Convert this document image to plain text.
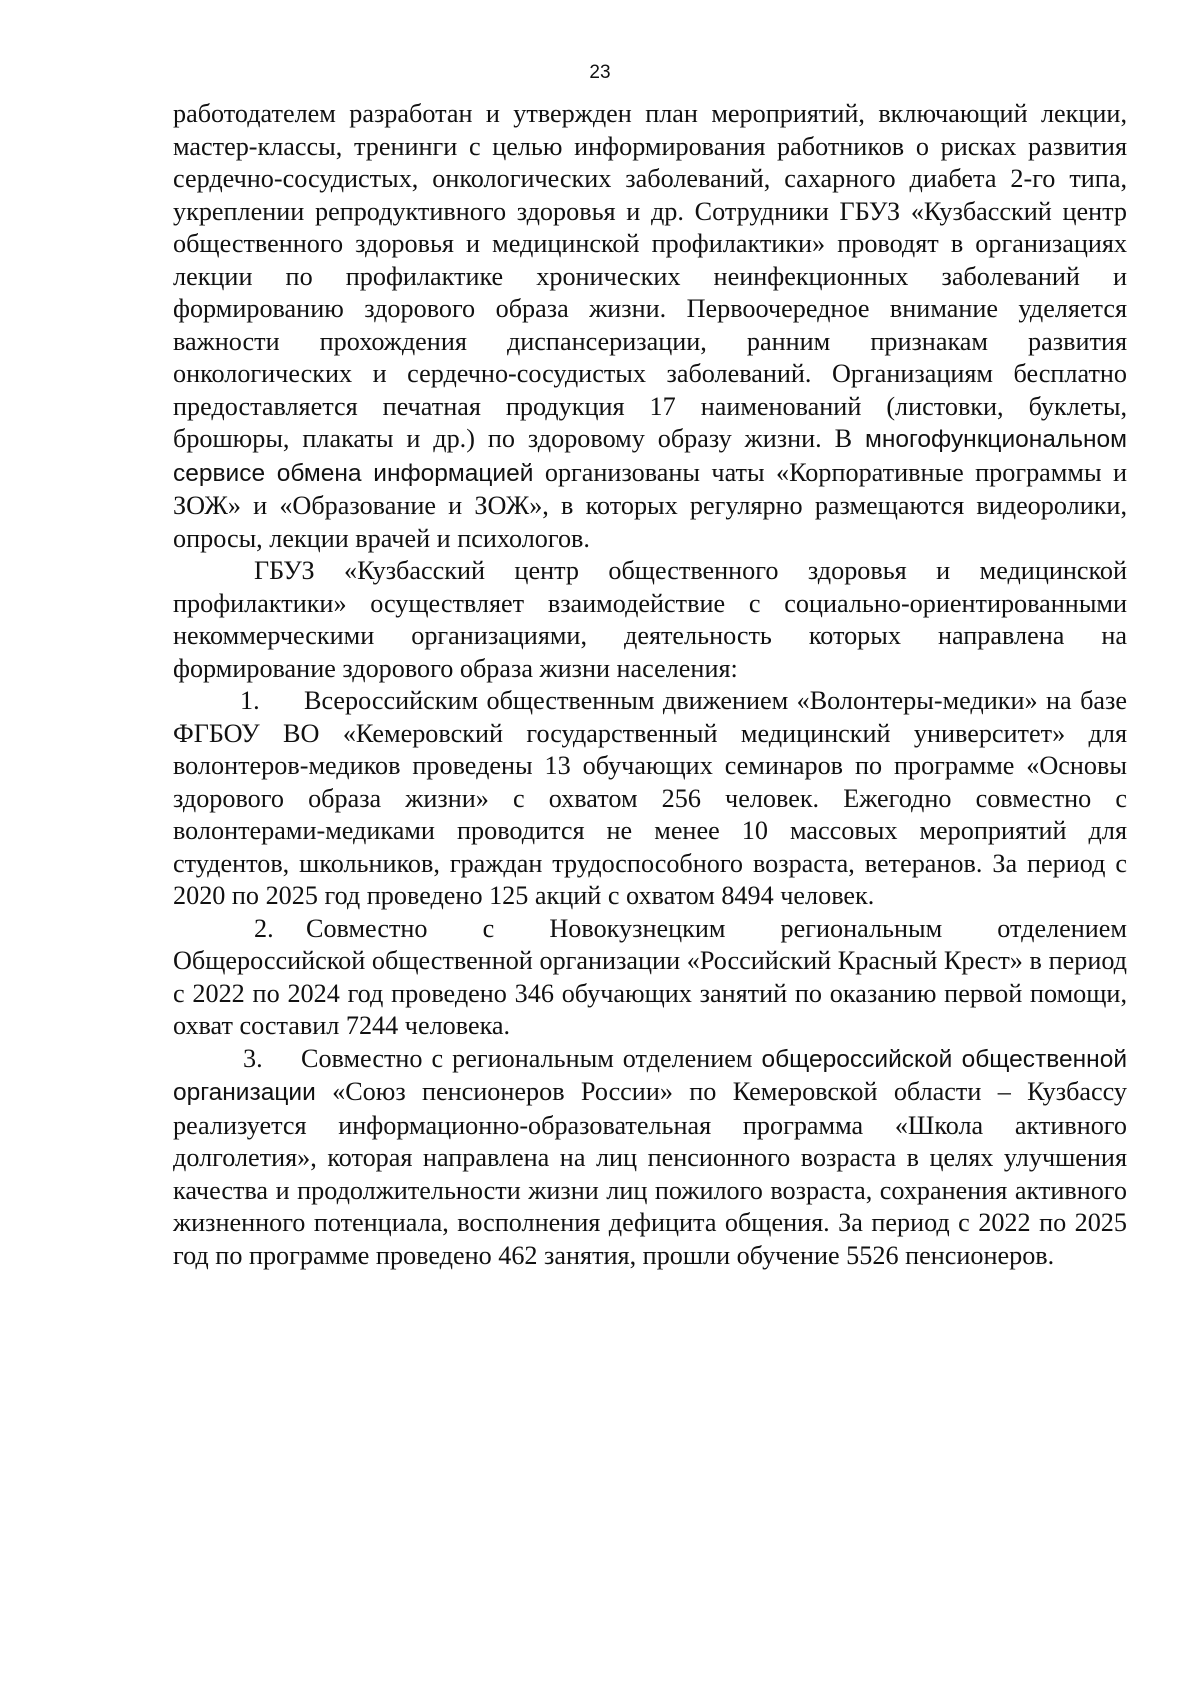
23

работодателем разработан и утвержден план мероприятий, включающий лекции, мастер-классы, тренинги с целью информирования работников о рисках развития сердечно-сосудистых, онкологических заболеваний, сахарного диабета 2-го типа, укреплении репродуктивного здоровья и др. Сотрудники ГБУЗ «Кузбасский центр общественного здоровья и медицинской профилактики» проводят в организациях лекции по профилактике хронических неинфекционных заболеваний и формированию здорового образа жизни. Первоочередное внимание уделяется важности прохождения диспансеризации, ранним признакам развития онкологических и сердечно-сосудистых заболеваний. Организациям бесплатно предоставляется печатная продукция 17 наименований (листовки, буклеты, брошюры, плакаты и др.) по здоровому образу жизни. В многофункциональном сервисе обмена информацией организованы чаты «Корпоративные программы и ЗОЖ» и «Образование и ЗОЖ», в которых регулярно размещаются видеоролики, опросы, лекции врачей и психологов.

ГБУЗ «Кузбасский центр общественного здоровья и медицинской профилактики» осуществляет взаимодействие с социально-ориентированными некоммерческими организациями, деятельность которых направлена на формирование здорового образа жизни населения:

1. Всероссийским общественным движением «Волонтеры-медики» на базе ФГБОУ ВО «Кемеровский государственный медицинский университет» для волонтеров-медиков проведены 13 обучающих семинаров по программе «Основы здорового образа жизни» с охватом 256 человек. Ежегодно совместно с волонтерами-медиками проводится не менее 10 массовых мероприятий для студентов, школьников, граждан трудоспособного возраста, ветеранов. За период с 2020 по 2025 год проведено 125 акций с охватом 8494 человек.

2. Совместно с Новокузнецким региональным отделением Общероссийской общественной организации «Российский Красный Крест» в период с 2022 по 2024 год проведено 346 обучающих занятий по оказанию первой помощи, охват составил 7244 человека.

3. Совместно с региональным отделением общероссийской общественной организации «Союз пенсионеров России» по Кемеровской области – Кузбассу реализуется информационно-образовательная программа «Школа активного долголетия», которая направлена на лиц пенсионного возраста в целях улучшения качества и продолжительности жизни лиц пожилого возраста, сохранения активного жизненного потенциала, восполнения дефицита общения. За период с 2022 по 2025 год по программе проведено 462 занятия, прошли обучение 5526 пенсионеров.
